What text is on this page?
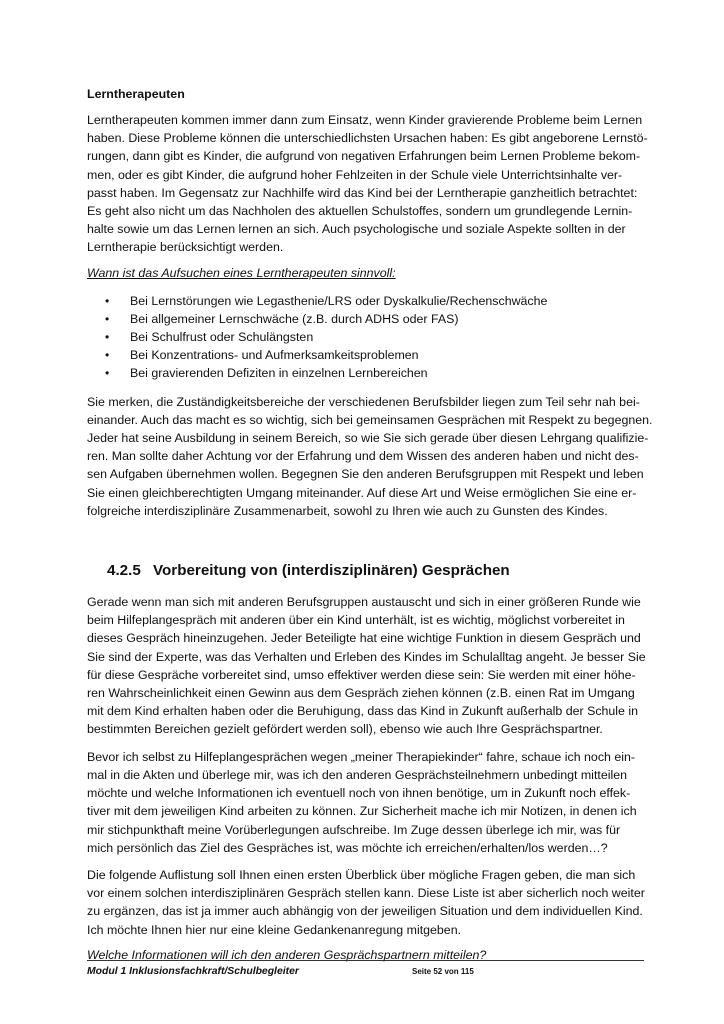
Lerntherapeuten
Lerntherapeuten kommen immer dann zum Einsatz, wenn Kinder gravierende Probleme beim Lernen
haben. Diese Probleme können die unterschiedlichsten Ursachen haben: Es gibt angeborene Lernstö-
rungen, dann gibt es Kinder, die aufgrund von negativen Erfahrungen beim Lernen Probleme bekom-
men, oder es gibt Kinder, die aufgrund hoher Fehlzeiten in der Schule viele Unterrichtsinhalte ver-
passt haben. Im Gegensatz zur Nachhilfe wird das Kind bei der Lerntherapie ganzheitlich betrachtet:
Es geht also nicht um das Nachholen des aktuellen Schulstoffes, sondern um grundlegende Lernin-
halte sowie um das Lernen lernen an sich. Auch psychologische und soziale Aspekte sollten in der
Lerntherapie berücksichtigt werden.
Wann ist das Aufsuchen eines Lerntherapeuten sinnvoll:
• Bei Lernstörungen wie Legasthenie/LRS oder Dyskalkulie/Rechenschwäche
• Bei allgemeiner Lernschwäche (z.B. durch ADHS oder FAS)
• Bei Schulfrust oder Schulängsten
• Bei Konzentrations- und Aufmerksamkeitsproblemen
• Bei gravierenden Defiziten in einzelnen Lernbereichen
Sie merken, die Zuständigkeitsbereiche der verschiedenen Berufsbilder liegen zum Teil sehr nah bei-
einander. Auch das macht es so wichtig, sich bei gemeinsamen Gesprächen mit Respekt zu begegnen.
Jeder hat seine Ausbildung in seinem Bereich, so wie Sie sich gerade über diesen Lehrgang qualifizie-
ren. Man sollte daher Achtung vor der Erfahrung und dem Wissen des anderen haben und nicht des-
sen Aufgaben übernehmen wollen. Begegnen Sie den anderen Berufsgruppen mit Respekt und leben
Sie einen gleichberechtigten Umgang miteinander. Auf diese Art und Weise ermöglichen Sie eine er-
folgreiche interdisziplinäre Zusammenarbeit, sowohl zu Ihren wie auch zu Gunsten des Kindes.
4.2.5 Vorbereitung von (interdisziplinären) Gesprächen
Gerade wenn man sich mit anderen Berufsgruppen austauscht und sich in einer größeren Runde wie
beim Hilfeplangespräch mit anderen über ein Kind unterhält, ist es wichtig, möglichst vorbereitet in
dieses Gespräch hineinzugehen. Jeder Beteiligte hat eine wichtige Funktion in diesem Gespräch und
Sie sind der Experte, was das Verhalten und Erleben des Kindes im Schulalltag angeht. Je besser Sie
für diese Gespräche vorbereitet sind, umso effektiver werden diese sein: Sie werden mit einer höhe-
ren Wahrscheinlichkeit einen Gewinn aus dem Gespräch ziehen können (z.B. einen Rat im Umgang
mit dem Kind erhalten haben oder die Beruhigung, dass das Kind in Zukunft außerhalb der Schule in
bestimmten Bereichen gezielt gefördert werden soll), ebenso wie auch Ihre Gesprächspartner.
Bevor ich selbst zu Hilfeplangesprächen wegen „meiner Therapiekinder“ fahre, schaue ich noch ein-
mal in die Akten und überlege mir, was ich den anderen Gesprächsteilnehmern unbedingt mitteilen
möchte und welche Informationen ich eventuell noch von ihnen benötige, um in Zukunft noch effek-
tiver mit dem jeweiligen Kind arbeiten zu können. Zur Sicherheit mache ich mir Notizen, in denen ich
mir stichpunkthaft meine Vorüberlegungen aufschreibe. Im Zuge dessen überlege ich mir, was für
mich persönlich das Ziel des Gespräches ist, was möchte ich erreichen/erhalten/los werden…?
Die folgende Auflistung soll Ihnen einen ersten Überblick über mögliche Fragen geben, die man sich
vor einem solchen interdisziplinären Gespräch stellen kann. Diese Liste ist aber sicherlich noch weiter
zu ergänzen, das ist ja immer auch abhängig von der jeweiligen Situation und dem individuellen Kind.
Ich möchte Ihnen hier nur eine kleine Gedankenanregung mitgeben.
Welche Informationen will ich den anderen Gesprächspartnern mitteilen?
Modul 1 Inklusionsfachkraft/Schulbegleiter	Seite 52 von 115
